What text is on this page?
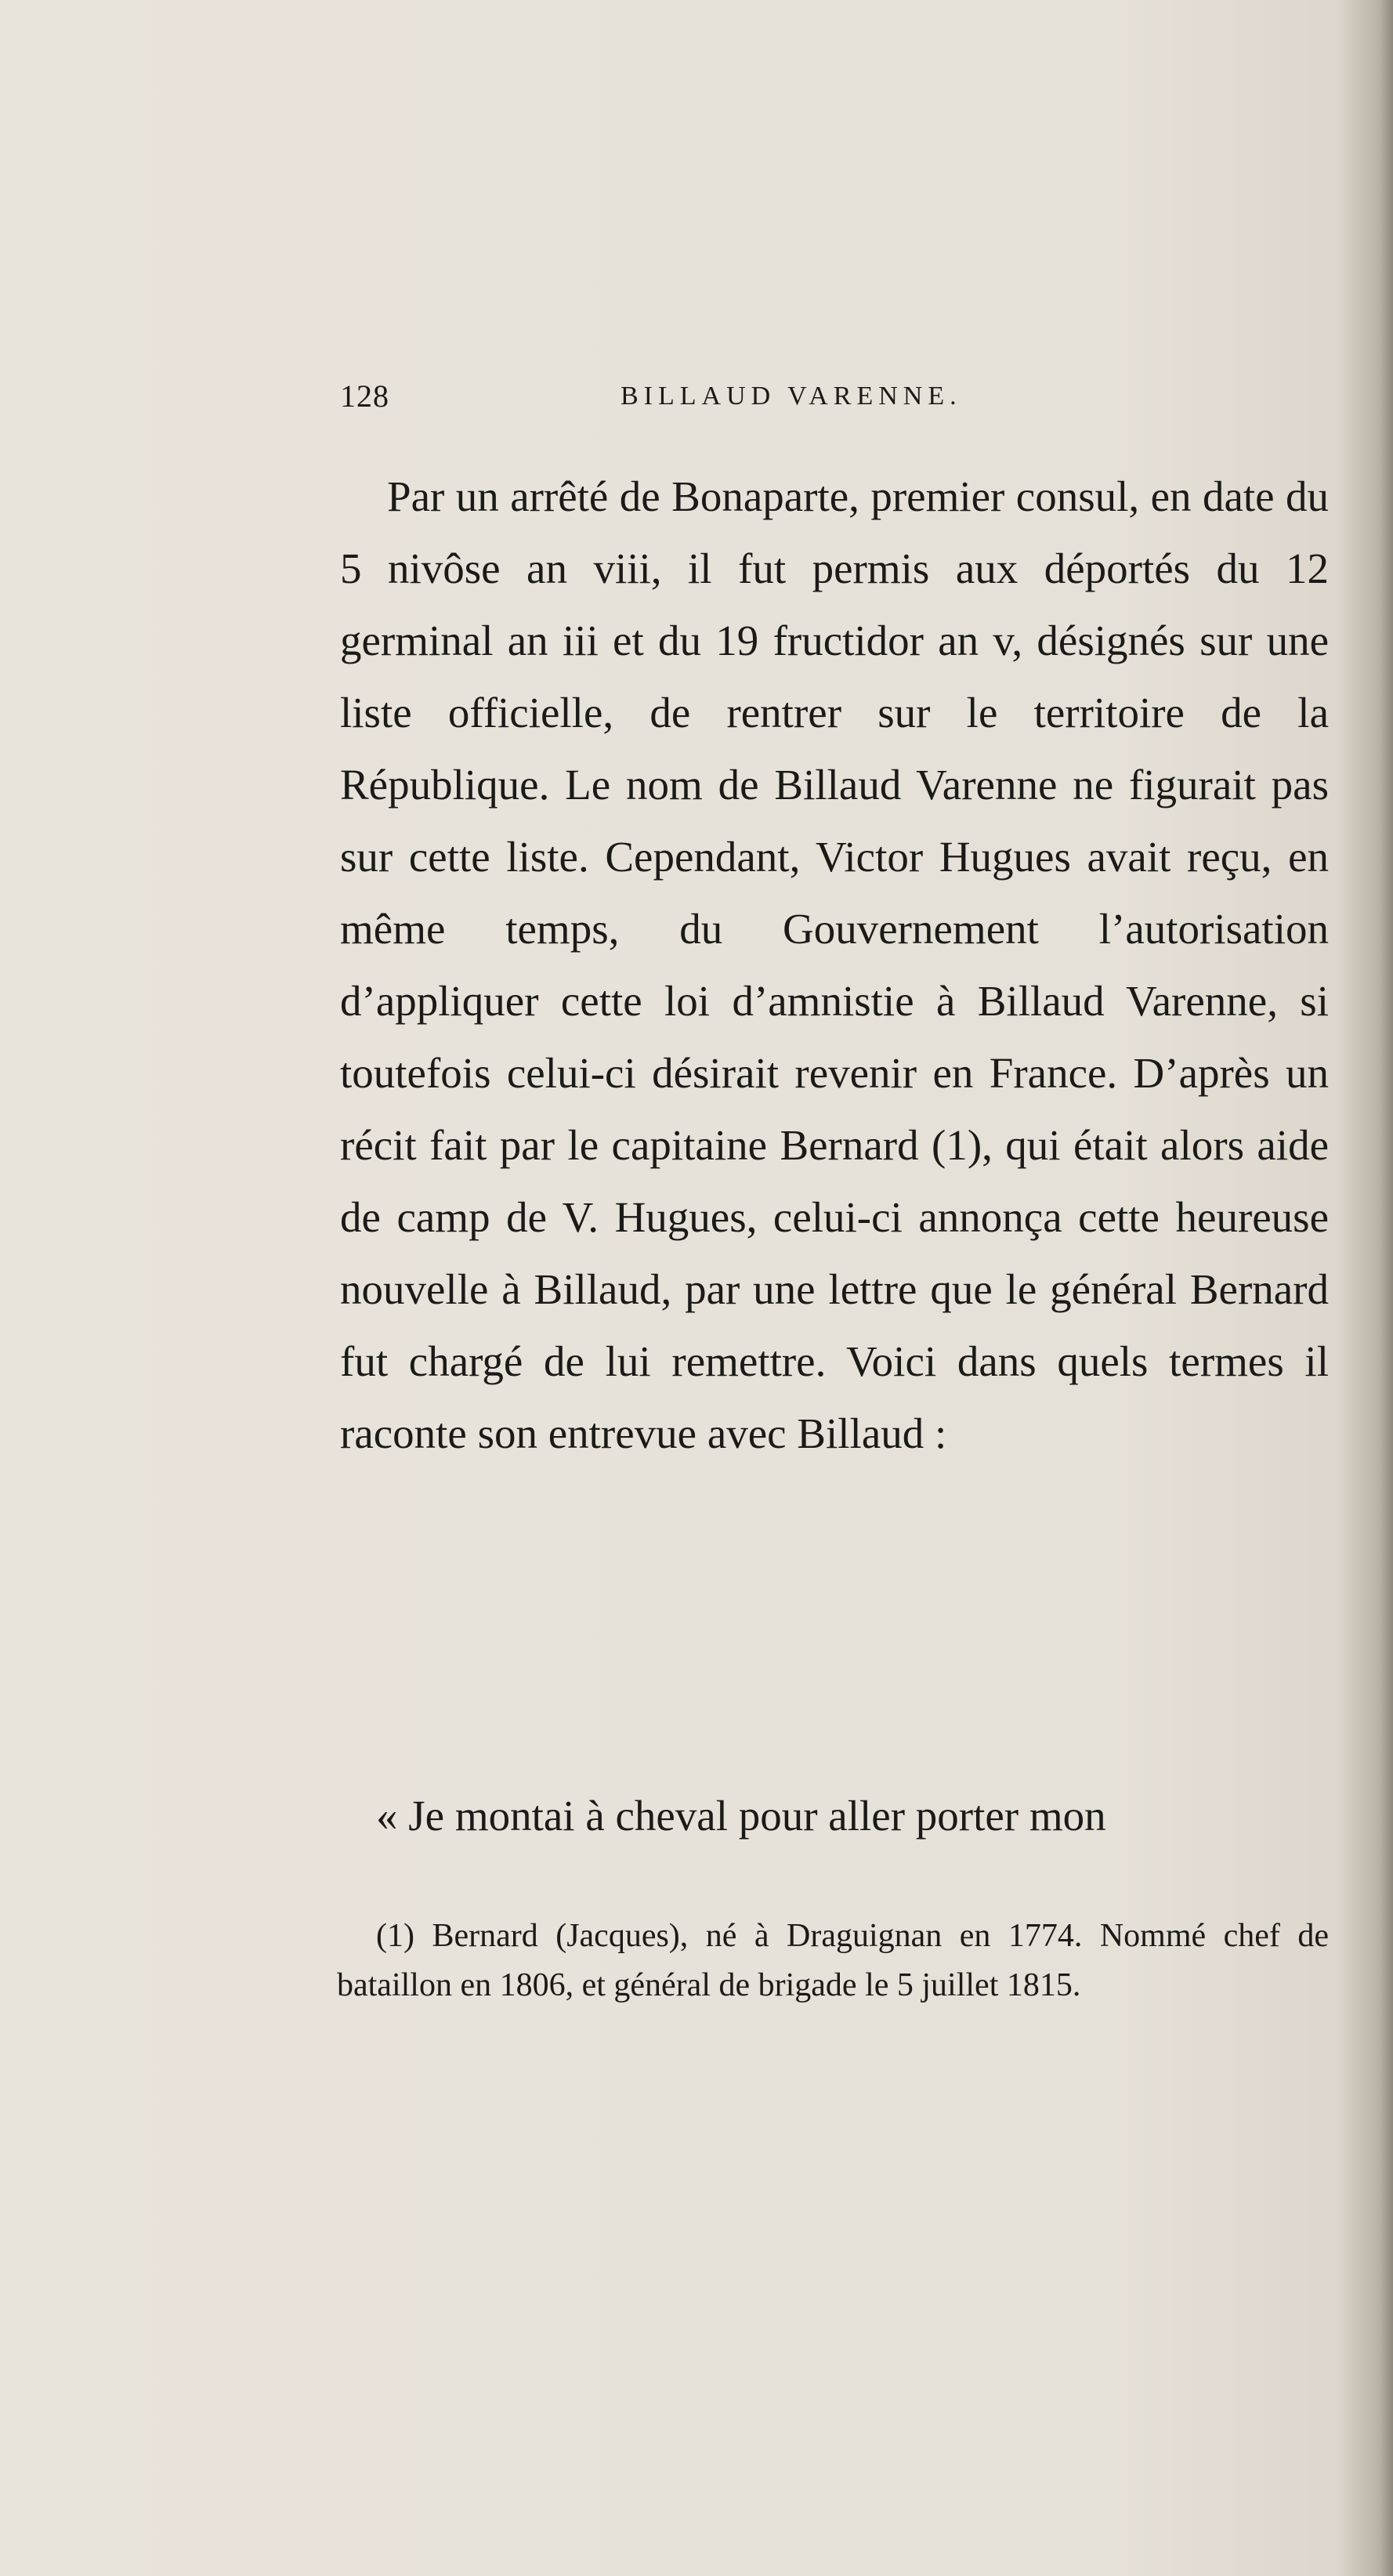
128	BILLAUD VARENNE.

Par un arrêté de Bonaparte, premier consul, en date du 5 nivôse an viii, il fut permis aux déportés du 12 germinal an iii et du 19 fructidor an v, désignés sur une liste officielle, de rentrer sur le territoire de la République. Le nom de Billaud Varenne ne figurait pas sur cette liste. Cependant, Victor Hugues avait reçu, en même temps, du Gouvernement l’autorisation d’appliquer cette loi d’amnistie à Billaud Varenne, si toutefois celui-ci désirait revenir en France. D’après un récit fait par le capitaine Bernard (1), qui était alors aide de camp de V. Hugues, celui-ci annonça cette heureuse nouvelle à Billaud, par une lettre que le général Bernard fut chargé de lui remettre. Voici dans quels termes il raconte son entrevue avec Billaud :

« Je montai à cheval pour aller porter mon

(1) Bernard (Jacques), né à Draguignan en 1774. Nommé chef de bataillon en 1806, et général de brigade le 5 juillet 1815.
